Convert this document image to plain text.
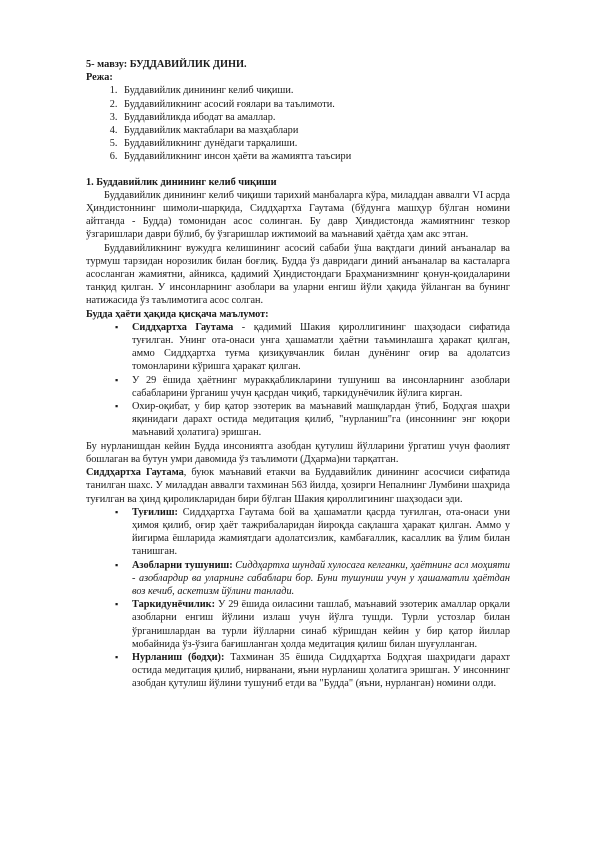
5- мавзу: БУДДАВИЙЛИК ДИНИ.
Режа:
1. Буддавийлик динининг келиб чиқиши.
2. Буддавийликнинг асосий ғоялари ва таълимоти.
3. Буддавийликда ибодат ва амаллар.
4. Буддавийлик мактаблари ва мазҳаблари
5. Буддавийликнинг дунёдаги тарқалиши.
6. Буддавийликнинг инсон ҳаёти ва жамиятга таъсири
1. Буддавийлик динининг келиб чиқиши

Буддавийлик динининг келиб чиқиши тарихий манбаларга кўра, миладдан аввалги VI асрда Ҳиндистоннинг шимоли-шарқида, Сиддҳартха Гаутама (бўдунга машҳур бўлган номини айтганда - Будда) томонидан асос солинган. Бу давр Ҳиндистонда жамиятнинг тезкор ўзгаришлари даври бўлиб, бу ўзгаришлар ижтимоий ва маънавий ҳаётда ҳам акс этган.

Буддавийликнинг вужудга келишининг асосий сабаби ўша вақтдаги диний анъаналар ва турмуш тарзидан норозилик билан боғлиқ. Будда ўз давридаги диний анъаналар ва касталарга асосланган жамиятни, айникса, қадимий Ҳиндистондаги Браҳманизмнинг қонун-қоидаларини танқид қилган. У инсонларнинг азоблари ва уларни енгиш йўли ҳақида ўйланган ва бунинг натижасида ўз таълимотига асос солган.

Будда ҳаёти ҳақида қисқача маълумот:
▪ Сиддҳартха Гаутама - қадимий Шакия қироллигининг шаҳзодаси сифатида туғилган. Унинг ота-онаси унга ҳашаматли ҳаётни таъминлашга ҳаракат қилган, аммо Сиддҳартха туғма қизиқувчанлик билан дунёнинг оғир ва адолатсиз томонларини кўришга ҳаракат қилган.
▪ У 29 ёшида ҳаётнинг муракқабликларини тушуниш ва инсонларнинг азоблари сабабларини ўрганиш учун қасрдан чиқиб, таркидунёчилик йўлига кирган.
▪ Охир-оқибат, у бир қатор эзотерик ва маънавий машқлардан ўтиб, Бодҳгая шаҳри яқинидаги дарахт остида медитация қилиб, "нурланиш"га (инсоннинг энг юқори маънавий ҳолатига) эришган.

Бу нурланишдан кейин Будда инсониятга азобдан қутулиш йўлларини ўргатиш учун фаолият бошлаган ва бутун умри давомида ўз таълимоти (Дҳарма)ни тарқатган.

Сиддҳартха Гаутама, буюк маънавий етакчи ва Буддавийлик динининг асосчиси сифатида танилган шахс. У миладдан аввалги тахминан 563 йилда, ҳозирги Непалнинг Лумбини шаҳрида туғилган ва ҳинд қироликларидан бири бўлган Шакия қироллигининг шаҳзодаси эди.

▪ Туғилиш: Сиддҳартха Гаутама бой ва ҳашаматли қасрда туғилган, ота-онаси уни ҳимоя қилиб, оғир ҳаёт тажрибаларидан йироқда сақлашга ҳаракат қилган. Аммо у йигирма ёшларида жамиятдаги адолатсизлик, камбағаллик, касаллик ва ўлим билан танишган.
▪ Азобларни тушуниш: Сиддҳартха шундай хулосага келганки, ҳаётнинг асл моҳияти - азоблардир ва уларнинг сабаблари бор. Буни тушуниш учун у ҳашаматли ҳаётдан воз кечиб, аскетизм йўлини танлади.
▪ Таркидунёчилик: У 29 ёшида оиласини ташлаб, маънавий эзотерик амаллар орқали азобларни енгиш йўлини излаш учун йўлга тушди. Турли устозлар билан ўрганишлардан ва турли йўлларни синаб кўришдан кейин у бир қатор йиллар мобайнида ўз-ўзига бағишланган ҳолда медитация қилиш билан шуғулланган.
▪ Нурланиш (бодҳи): Тахминан 35 ёшида Сиддҳартха Бодҳгая шаҳридаги дарахт остида медитация қилиб, нирванани, яъни нурланиш ҳолатига эришган. У инсоннинг азобдан қутулиш йўлини тушуниб етди ва "Будда" (яъни, нурланган) номини олди.
